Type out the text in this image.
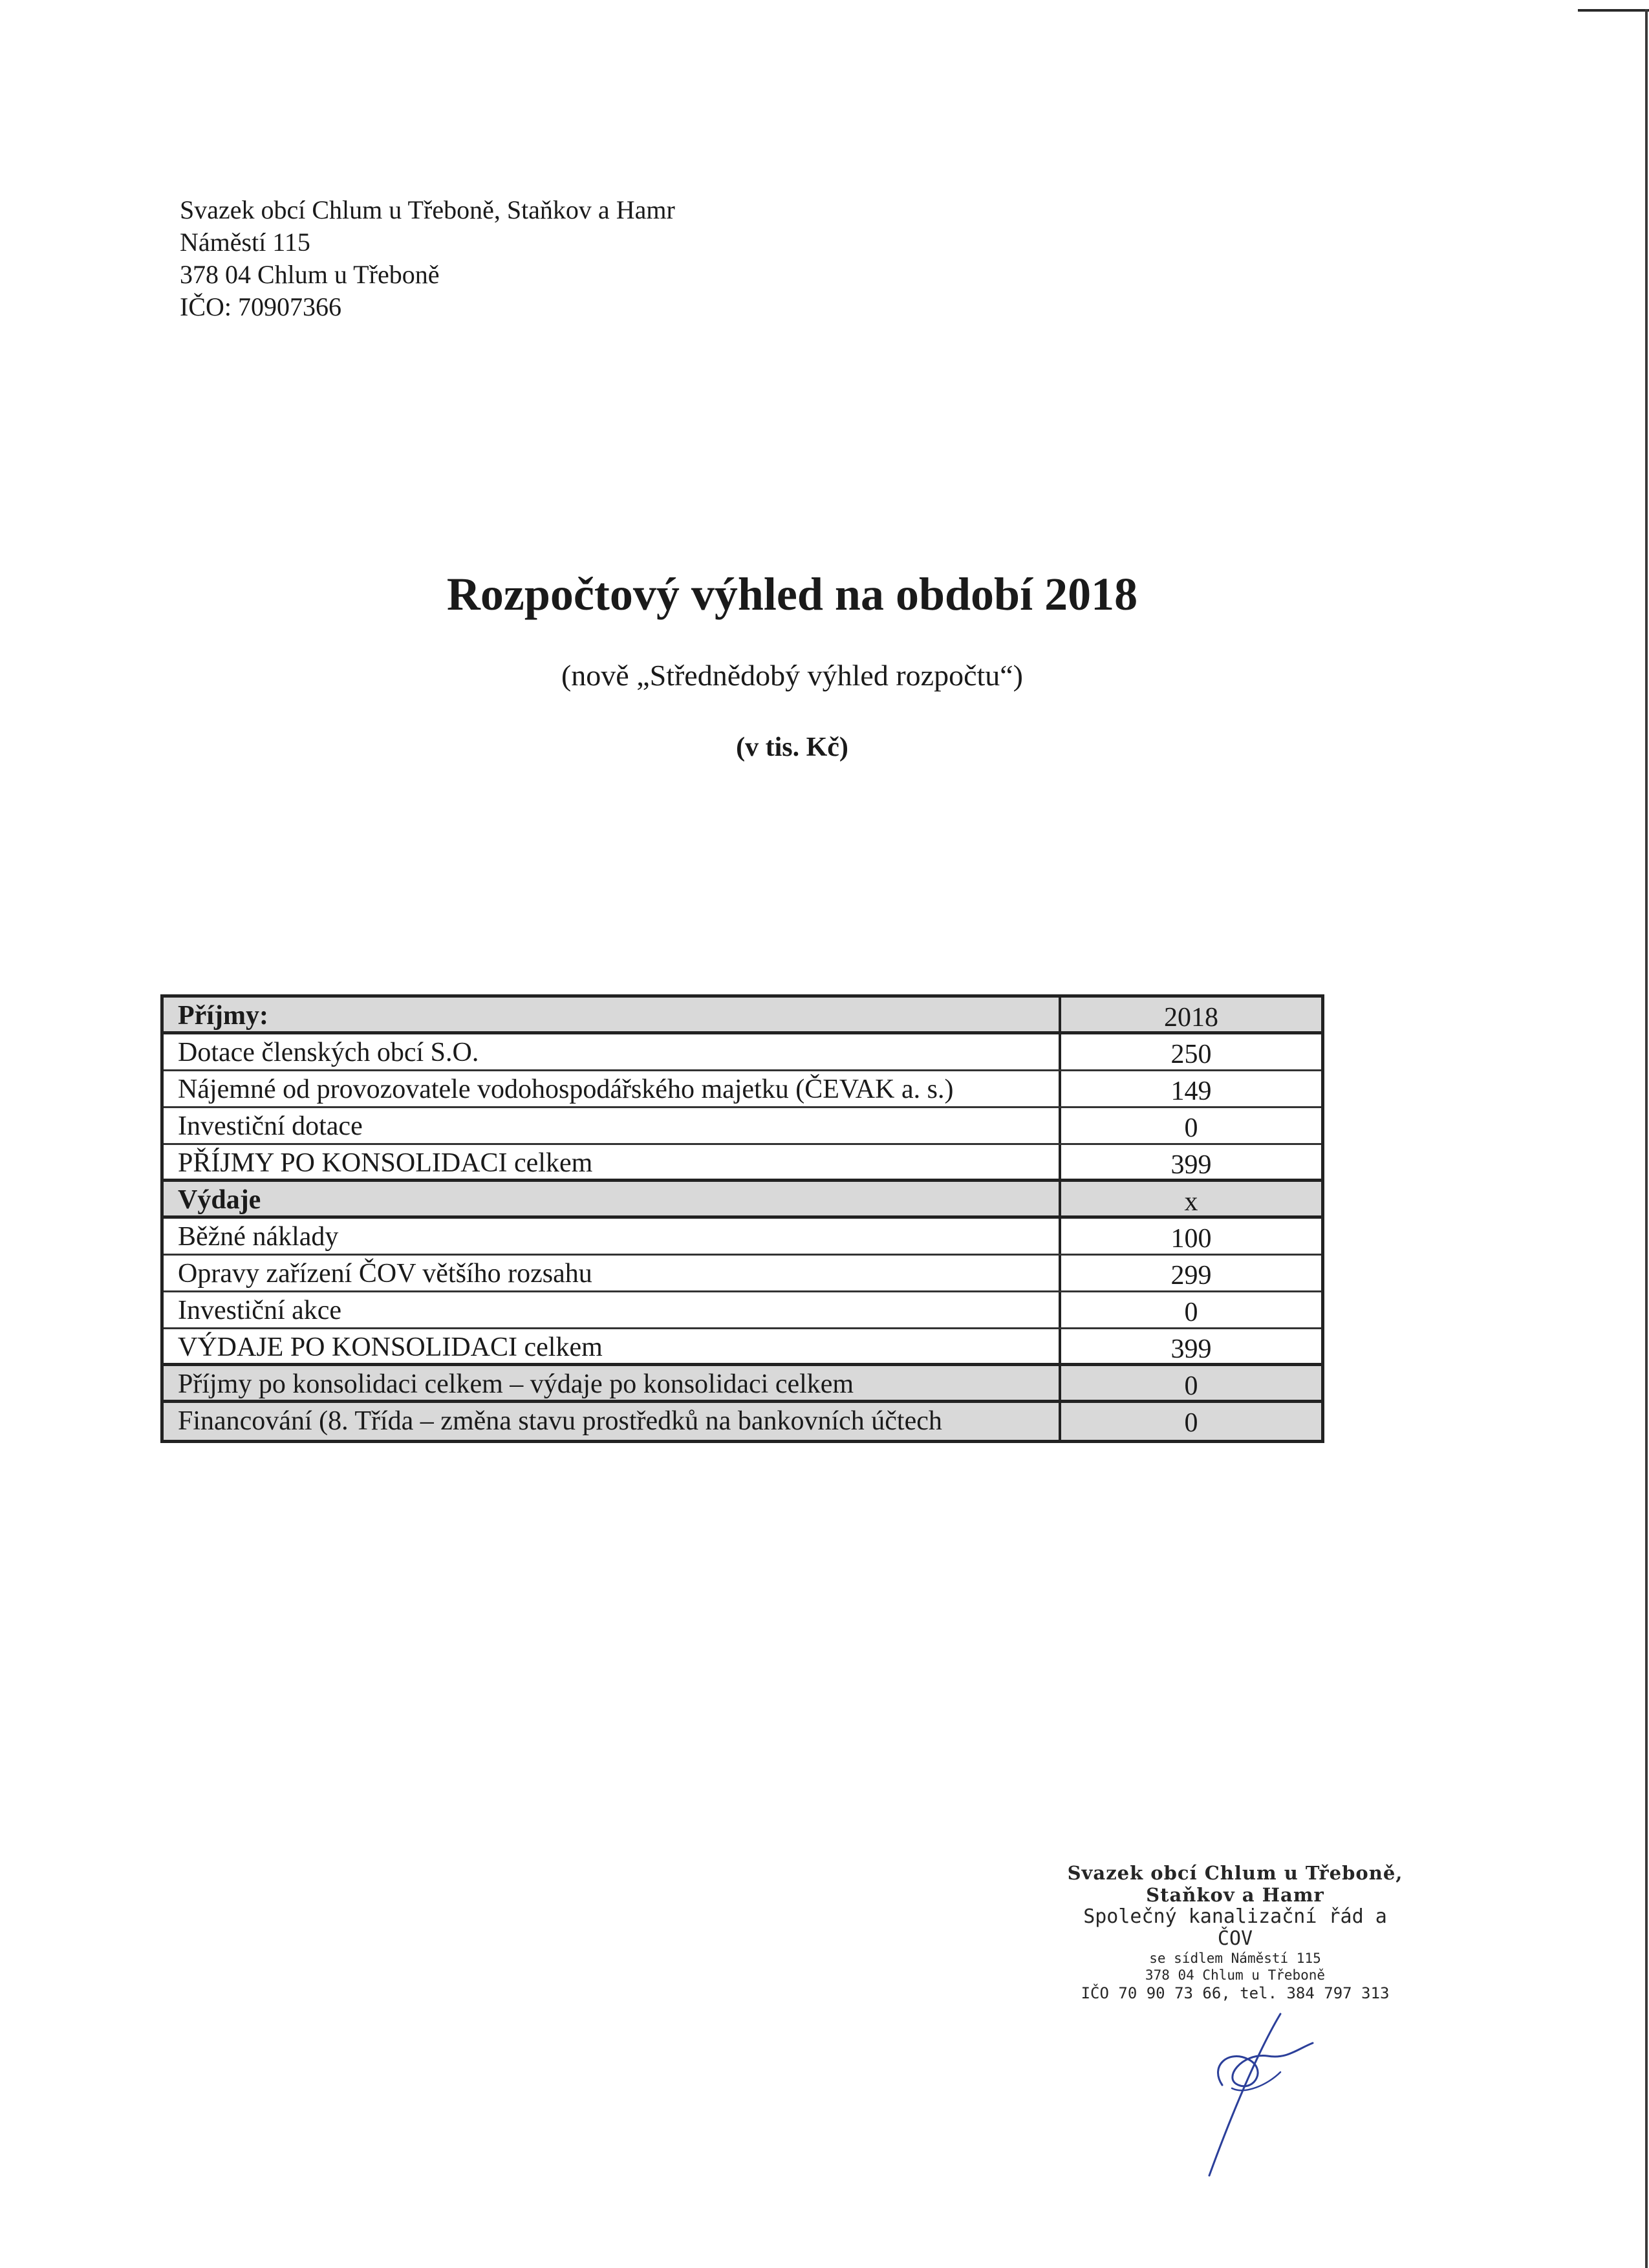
Svazek obcí Chlum u Třeboně, Staňkov a Hamr
Náměstí 115
378 04 Chlum u Třeboně
IČO: 70907366
Rozpočtový výhled na období 2018
(nově „Střednědobý výhled rozpočtu“)
(v tis. Kč)
Příjmy:	2018
Dotace členských obcí S.O.	250
Nájemné od provozovatele vodohospodářského majetku (ČEVAK a. s.)	149
Investiční dotace	0
PŘÍJMY PO KONSOLIDACI celkem	399
Výdaje	x
Běžné náklady	100
Opravy zařízení ČOV většího rozsahu	299
Investiční akce	0
VÝDAJE PO KONSOLIDACI celkem	399
Příjmy po konsolidaci celkem – výdaje po konsolidaci celkem	0
Financování (8. Třída – změna stavu prostředků na bankovních účtech	0
Svazek obcí Chlum u Třeboně,
Staňkov a Hamr
Společný kanalizační řád a ČOV
se sídlem Náměstí 115
378 04 Chlum u Třeboně
IČO 70 90 73 66, tel. 384 797 313
